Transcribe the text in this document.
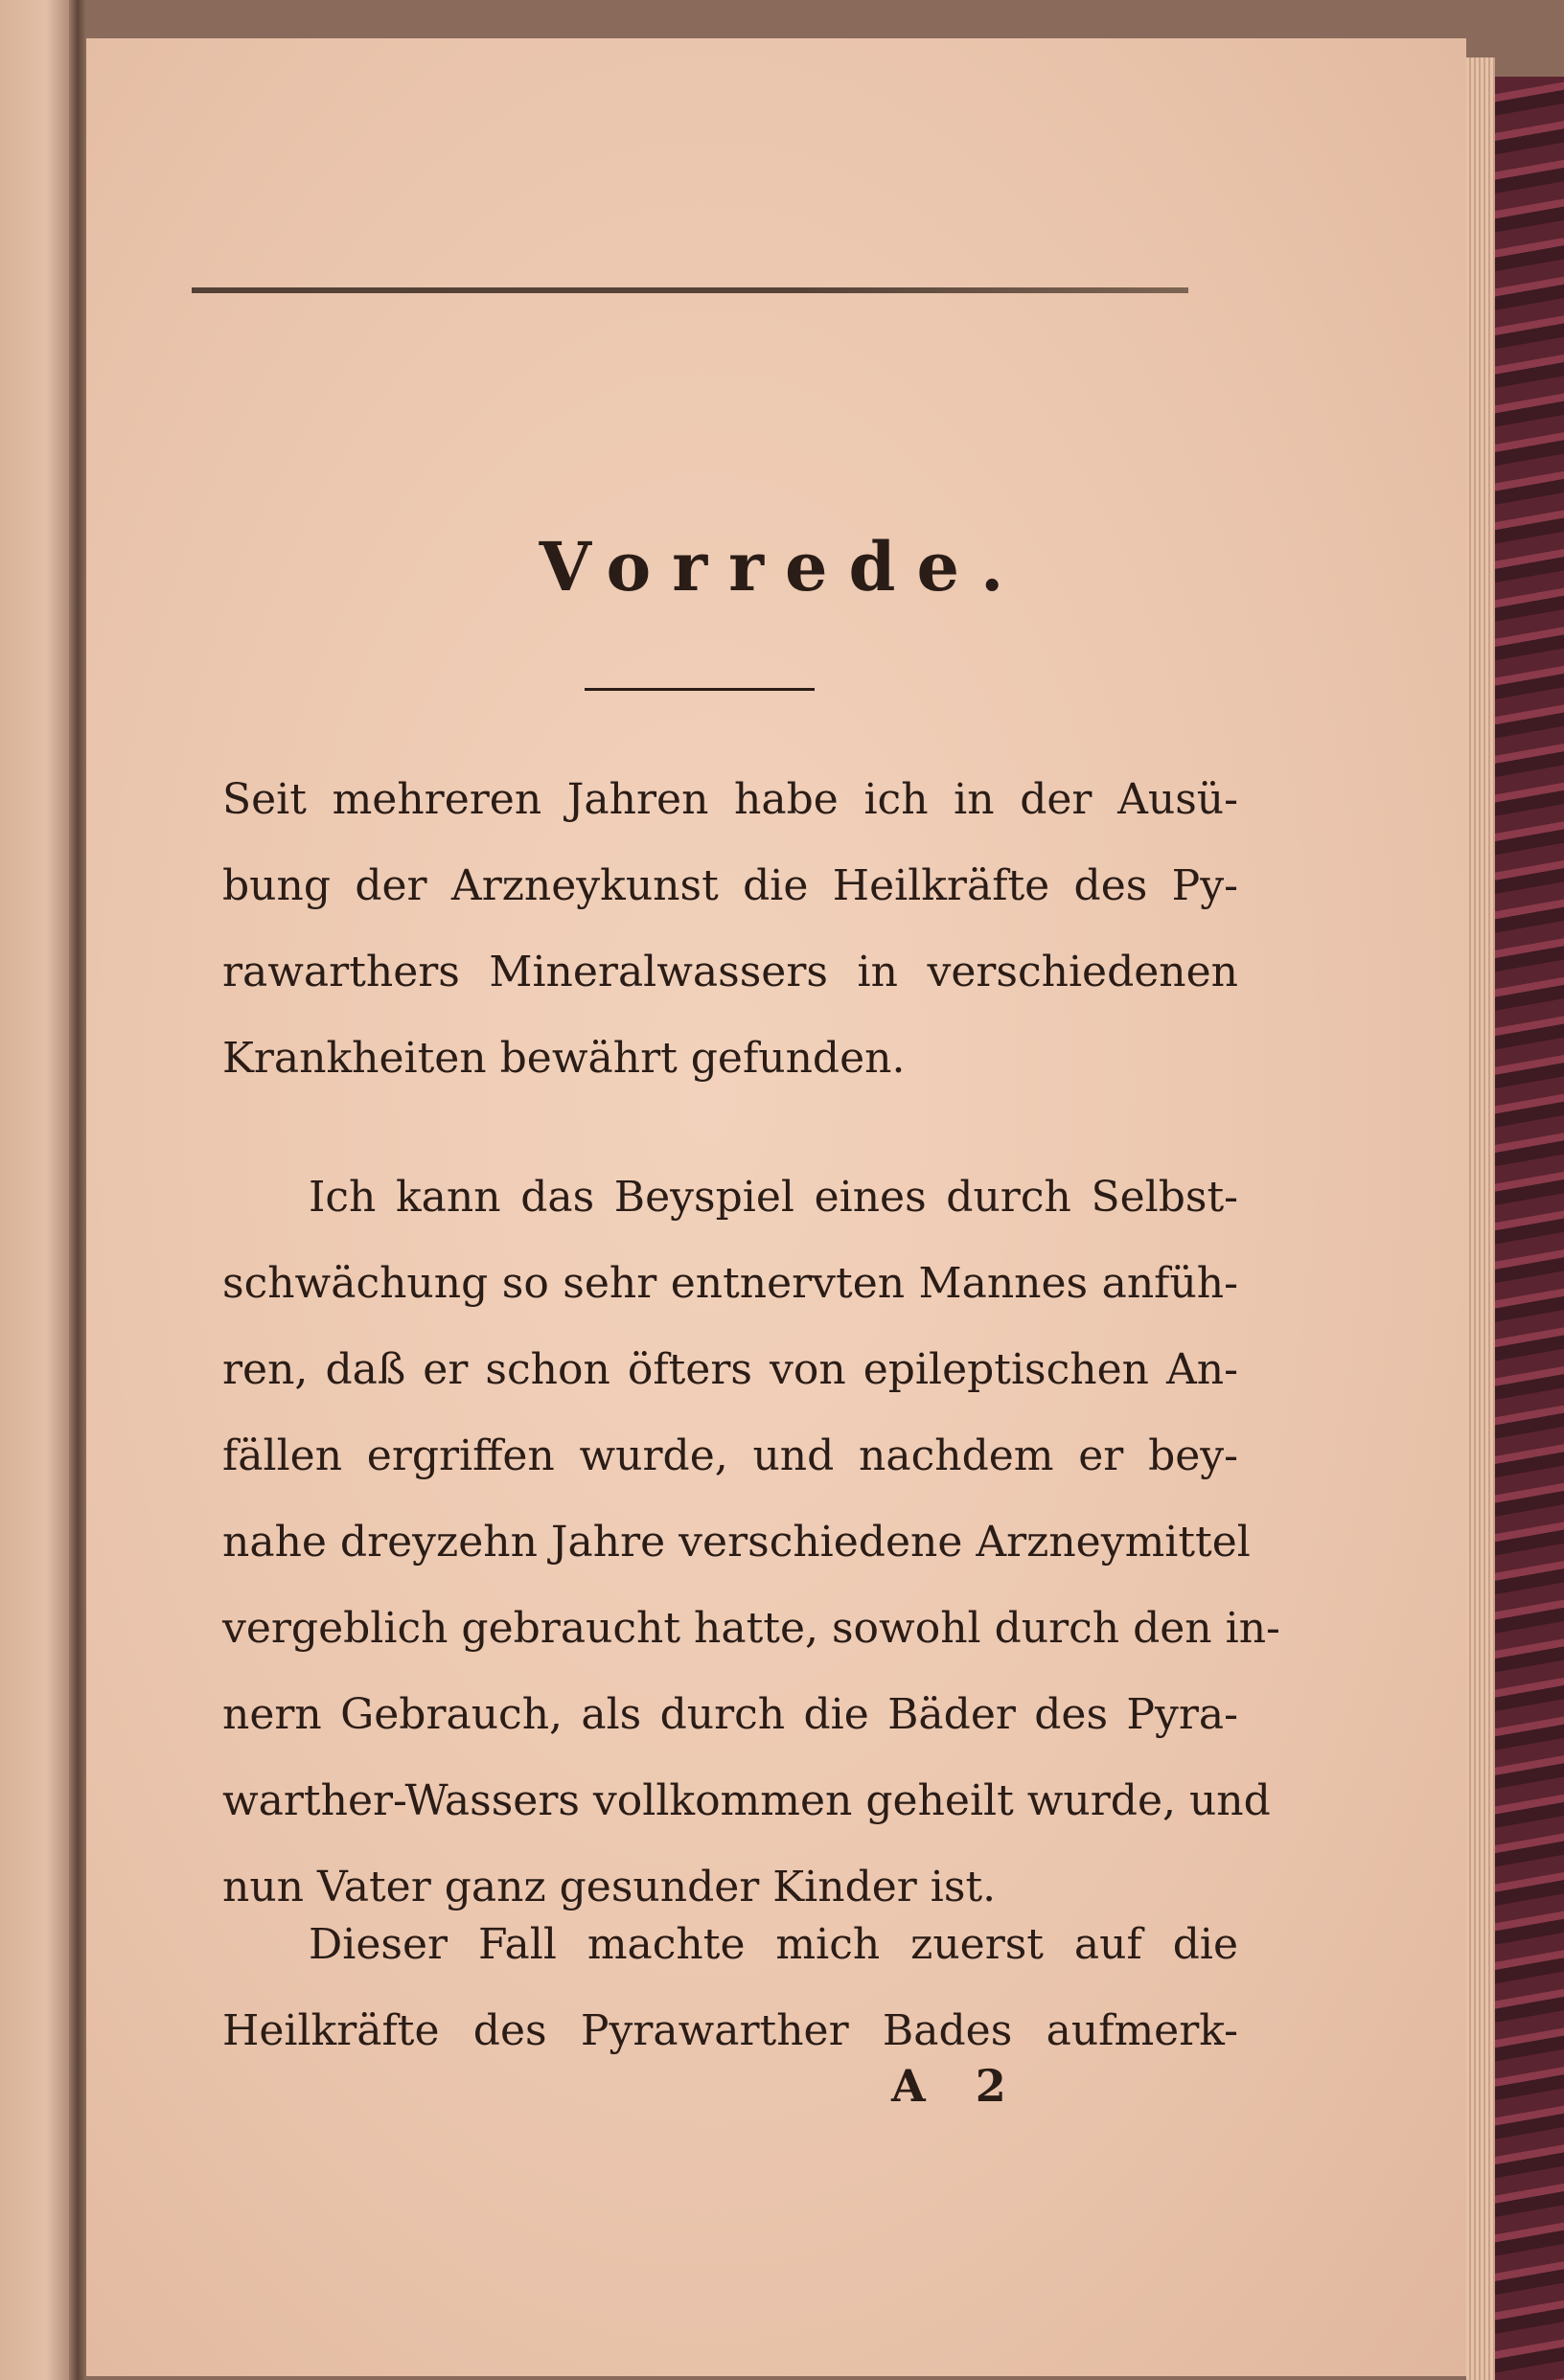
Vorrede.
Seit mehreren Jahren habe ich in der Ausü-
bung der Arzneykunst die Heilkräfte des Py-
rawarthers Mineralwassers in verschiedenen
Krankheiten bewährt gefunden.
Ich kann das Beyspiel eines durch Selbst-
schwächung so sehr entnervten Mannes anfüh-
ren, daß er schon öfters von epileptischen An-
fällen ergriffen wurde, und nachdem er bey-
nahe dreyzehn Jahre verschiedene Arzneymittel
vergeblich gebraucht hatte, sowohl durch den in-
nern Gebrauch, als durch die Bäder des Pyra-
warther-Wassers vollkommen geheilt wurde, und
nun Vater ganz gesunder Kinder ist.
Dieser Fall machte mich zuerst auf die
Heilkräfte des Pyrawarther Bades aufmerk-
A 2
